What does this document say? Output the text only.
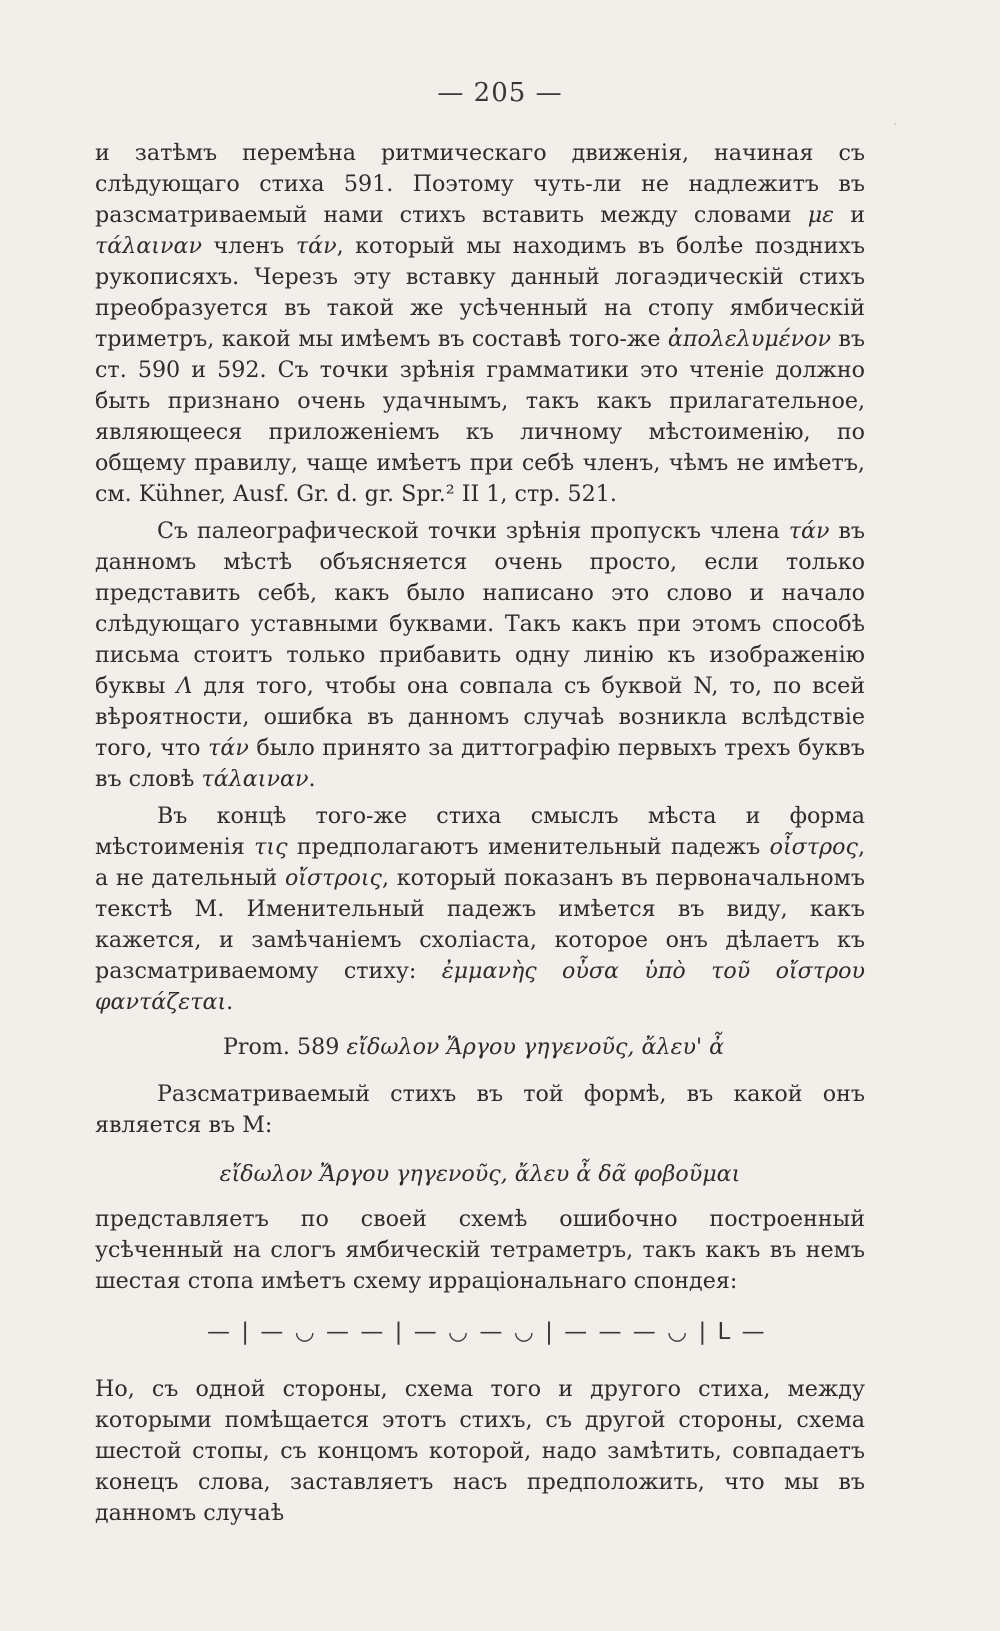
— 205 —
ˏ

и затѣмъ перемѣна ритмическаго движенія, начиная съ слѣдующаго стиха 591. Поэтому чуть-ли не надлежитъ въ разсматриваемый нами стихъ вставить между словами με и τάλαιναν членъ τάν, который мы находимъ въ болѣе позднихъ рукописяхъ. Черезъ эту вставку данный логаэдическій стихъ преобразуется въ такой же усѣченный на стопу ямбическій триметръ, какой мы имѣемъ въ составѣ того-же ἀπολελυμένον въ ст. 590 и 592. Съ точки зрѣнія грамматики это чтеніе должно быть признано очень удачнымъ, такъ какъ прилагательное, являющееся приложеніемъ къ личному мѣстоименію, по общему правилу, чаще имѣетъ при себѣ членъ, чѣмъ не имѣетъ, см. Kühner, Ausf. Gr. d. gr. Spr.² II 1, стр. 521.

Съ палеографической точки зрѣнія пропускъ члена τάν въ данномъ мѣстѣ объясняется очень просто, если только представить себѣ, какъ было написано это слово и начало слѣдующаго уставными буквами. Такъ какъ при этомъ способѣ письма стоитъ только прибавить одну линію къ изображенію буквы Λ для того, чтобы она совпала съ буквой N, то, по всей вѣроятности, ошибка въ данномъ случаѣ возникла вслѣдствіе того, что τάν было принято за диттографію первыхъ трехъ буквъ въ словѣ τάλαιναν.

Въ концѣ того-же стиха смыслъ мѣста и форма мѣстоименія τις предполагаютъ именительный падежъ οἶστρος, а не дательный οἴστροις, который показанъ въ первоначальномъ текстѣ М. Именительный падежъ имѣется въ виду, какъ кажется, и замѣчаніемъ схоліаста, которое онъ дѣлаетъ къ разсматриваемому стиху: ἐμμανὴς οὖσα ὑπὸ τοῦ οἴστρου φαντάζεται.

Prom. 589 εἴδωλον Ἄργου γηγενοῦς, ἄλευ' ἆ

Разсматриваемый стихъ въ той формѣ, въ какой онъ является въ М:

εἴδωλον Ἄργου γηγενοῦς, ἄλευ ἆ δᾶ φοβοῦμαι

представляетъ по своей схемѣ ошибочно построенный усѣченный на слогъ ямбическій тетраметръ, такъ какъ въ немъ шестая стопа имѣетъ схему ирраціональнаго спондея:

— | — ◡ — — | — ◡ — ◡ | — — — ◡ | L —

Но, съ одной стороны, схема того и другого стиха, между которыми помѣщается этотъ стихъ, съ другой стороны, схема шестой стопы, съ концомъ которой, надо замѣтить, совпадаетъ конецъ слова, заставляетъ насъ предположить, что мы въ данномъ случаѣ
